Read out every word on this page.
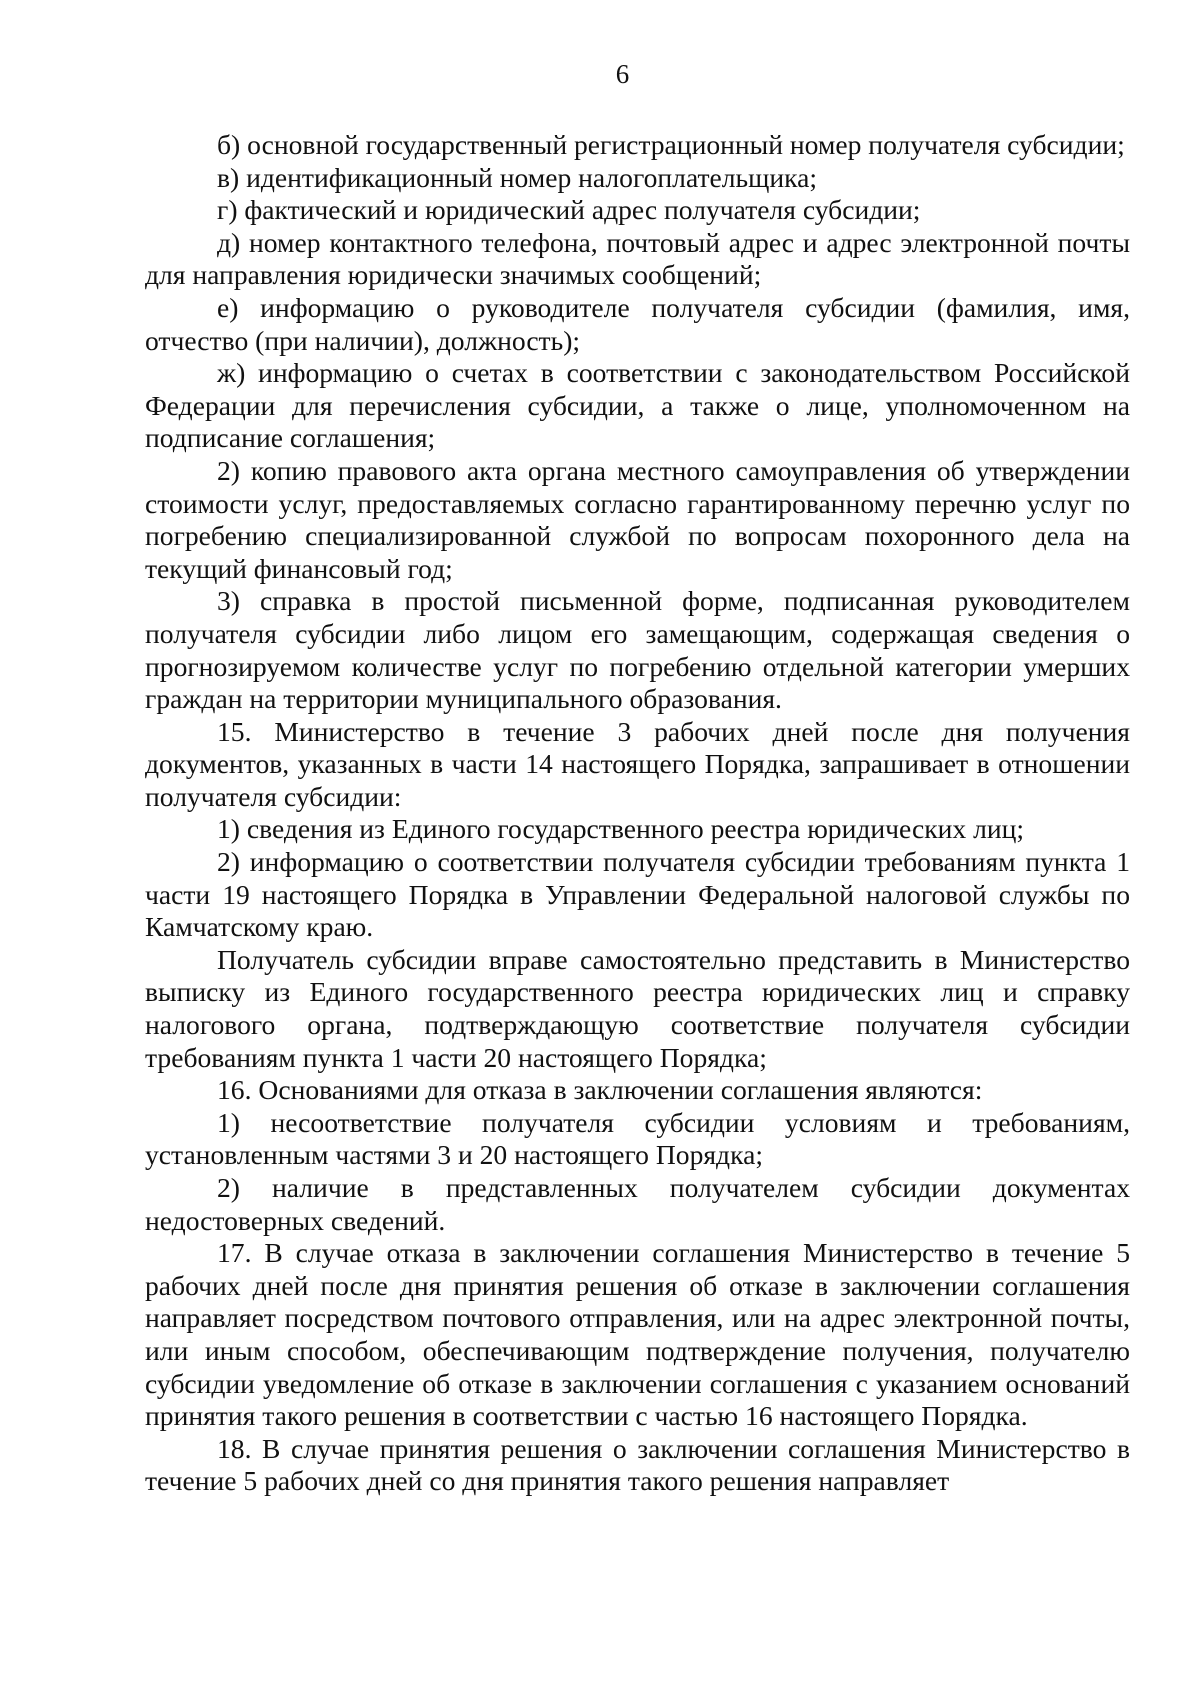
6

б) основной государственный регистрационный номер получателя субсидии;

в) идентификационный номер налогоплательщика;

г) фактический и юридический адрес получателя субсидии;

д) номер контактного телефона, почтовый адрес и адрес электронной почты для направления юридически значимых сообщений;

е) информацию о руководителе получателя субсидии (фамилия, имя, отчество (при наличии), должность);

ж) информацию о счетах в соответствии с законодательством Российской Федерации для перечисления субсидии, а также о лице, уполномоченном на подписание соглашения;

2) копию правового акта органа местного самоуправления об утверждении стоимости услуг, предоставляемых согласно гарантированному перечню услуг по погребению специализированной службой по вопросам похоронного дела на текущий финансовый год;

3) справка в простой письменной форме, подписанная руководителем получателя субсидии либо лицом его замещающим, содержащая сведения о прогнозируемом количестве услуг по погребению отдельной категории умерших граждан на территории муниципального образования.

15. Министерство в течение 3 рабочих дней после дня получения документов, указанных в части 14 настоящего Порядка, запрашивает в отношении получателя субсидии:

1) сведения из Единого государственного реестра юридических лиц;

2) информацию о соответствии получателя субсидии требованиям пункта 1 части 19 настоящего Порядка в Управлении Федеральной налоговой службы по Камчатскому краю.

Получатель субсидии вправе самостоятельно представить в Министерство выписку из Единого государственного реестра юридических лиц и справку налогового органа, подтверждающую соответствие получателя субсидии требованиям пункта 1 части 20 настоящего Порядка;

16. Основаниями для отказа в заключении соглашения являются:

1) несоответствие получателя субсидии условиям и требованиям, установленным частями 3 и 20 настоящего Порядка;

2) наличие в представленных получателем субсидии документах недостоверных сведений.

17. В случае отказа в заключении соглашения Министерство в течение 5 рабочих дней после дня принятия решения об отказе в заключении соглашения направляет посредством почтового отправления, или на адрес электронной почты, или иным способом, обеспечивающим подтверждение получения, получателю субсидии уведомление об отказе в заключении соглашения с указанием оснований принятия такого решения в соответствии с частью 16 настоящего Порядка.

18. В случае принятия решения о заключении соглашения Министерство в течение 5 рабочих дней со дня принятия такого решения направляет
